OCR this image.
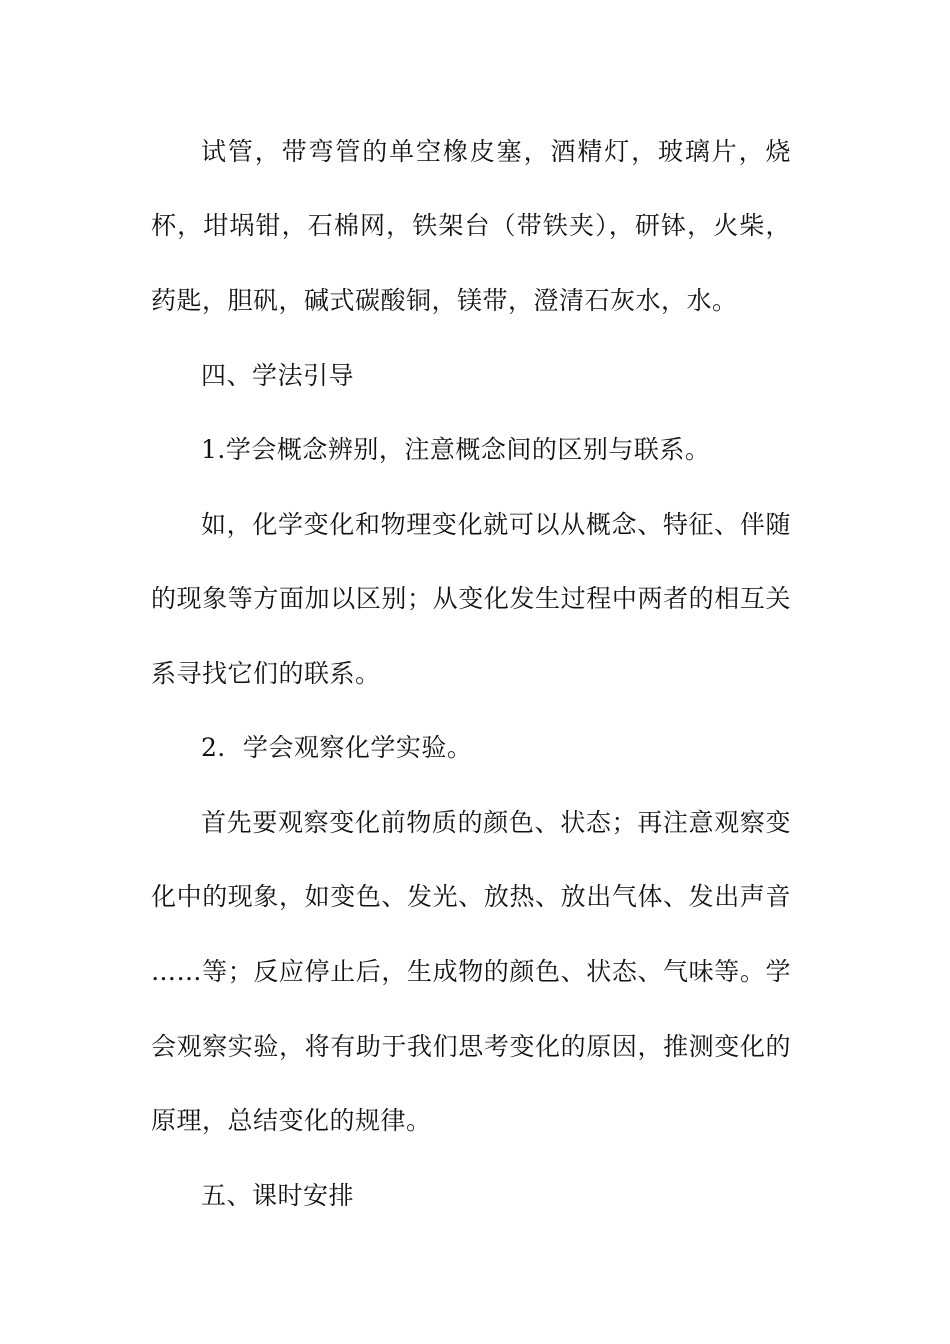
试管，带弯管的单空橡皮塞，酒精灯，玻璃片，烧

杯，坩埚钳，石棉网，铁架台（带铁夹），研钵，火柴，

药匙，胆矾，碱式碳酸铜，镁带，澄清石灰水，水。

四、学法引导

1.学会概念辨别，注意概念间的区别与联系。

如，化学变化和物理变化就可以从概念、特征、伴随

的现象等方面加以区别；从变化发生过程中两者的相互关

系寻找它们的联系。

2．学会观察化学实验。

首先要观察变化前物质的颜色、状态；再注意观察变

化中的现象，如变色、发光、放热、放出气体、发出声音

……等；反应停止后，生成物的颜色、状态、气味等。学

会观察实验，将有助于我们思考变化的原因，推测变化的

原理，总结变化的规律。

五、课时安排
